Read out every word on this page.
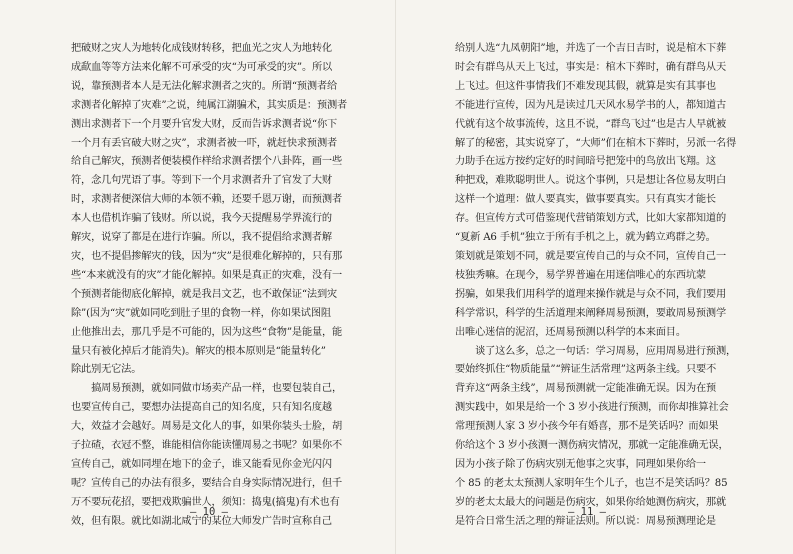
把破财之灾人为地转化成钱财转移，把血光之灾人为地转化
成歃血等等方法来化解不可承受的灾“为可承受的灾”。所以
说，靠预测者本人是无法化解求测者之灾的。所谓“预测者给
求测者化解掉了灾难”之说，纯属江湖骗术，其实质是：预测者
测出求测者下一个月要升官发大财，反而告诉求测者说“你下
一个月有丢官破大财之灾”，求测者被一吓，就赶快求预测者
给自己解灾，预测者便装模作样给求测者摆个八卦阵，画一些
符，念几句咒语了事。等到下一个月求测者升了官发了大财
时，求测者便深信大师的本领不赖，还要千恩万谢，而预测者
本人也借机诈骗了钱财。所以说，我今天提醒易学界流行的
解灾，说穿了都是在进行诈骗。所以，我不提倡给求测者解
灾，也不提倡掺解灾的钱，因为“灾”是很难化解掉的，只有那
些“本来就没有的灾”才能化解掉。如果是真正的灾难，没有一
个预测者能彻底化解掉，就是我吕文艺，也不敢保证“法到灾
除”(因为“灾”就如同吃到肚子里的食物一样，你如果试图阻
止他推出去，那几乎是不可能的，因为这些“食物”是能量，能
量只有被化掉后才能消失)。解灾的根本原则是“能量转化”
除此别无它法。
　　搞周易预测，就如同做市场卖产品一样，也要包装自己，
也要宣传自己，要想办法提高自己的知名度，只有知名度越
大，效益才会越好。周易是文化人的事，如果你装头士脸，胡
子拉碴，衣冠不整，谁能相信你能读懂周易之书呢？如果你不
宣传自己，就如同埋在地下的金子，谁又能看见你金光闪闪
呢？宣传自己的办法有很多，要结合自身实际情况进行，但千
万不要玩花招，要把戏欺骗世人，须知：捣鬼(搞鬼)有术也有
效，但有限。就比如湖北咸宁的某位大师发广告时宣称自己
— 10 —
给别人选“九凤朝阳”地，并选了一个吉日吉时，说是棺木下葬
时会有群鸟从天上飞过，事实是：棺木下葬时，确有群鸟从天
上飞过。但这件事情我们不难发现其假，就算是实有其事也
不能进行宣传，因为凡是读过几天风水易学书的人，都知道古
代就有这个故事流传，这且不说，“群鸟飞过”也是古人早就被
解了的秘密，其实说穿了，“大师”们在棺木下葬时，另派一名得
力助手在远方按约定好的时间暗号把笼中的鸟放出飞翔。这
种把戏，难欺聪明世人。说这个事例，只是想让各位易友明白
这样一个道理：做人要真实，做事要真实。只有真实才能长
存。但宣传方式可借鉴现代营销策划方式，比如大家都知道的
“夏新 A6 手机”独立于所有手机之上，就为鹤立鸡群之势。
策划就是策划不同，就是要宣传自己的与众不同，宣传自己一
枝独秀嘛。在现今，易学界普遍在用迷信唯心的东西坑蒙
拐骗，如果我们用科学的道理来操作就是与众不同，我们要用
科学常识，科学的生活道理来阐释周易预测，要敢周易预测学
出唯心迷信的泥沼，还周易预测以科学的本来面目。
　　谈了这么多，总之一句话：学习周易，应用周易进行预测，
要始终抓住“物质能量”“辨证生活常理”这两条主线。只要不
背弃这“两条主线”，周易预测就一定能准确无误。因为在预
测实践中，如果是给一个 3 岁小孩进行预测，而你却推算社会
常理预测人家 3 岁小孩今年有婚喜，那不是笑话吗？而如果
你给这个 3 岁小孩测一测伤病灾情况，那就一定能准确无误，
因为小孩子除了伤病灾别无他事之灾事，同理如果你给一
个 85 的老太太预测人家明年生个儿子，也岂不是笑话吗？85
岁的老太太最大的问题是伤病灾，如果你给她测伤病灾，那就
是符合日常生活之理的辩证法则。所以说：周易预测理论是
— 11 —
